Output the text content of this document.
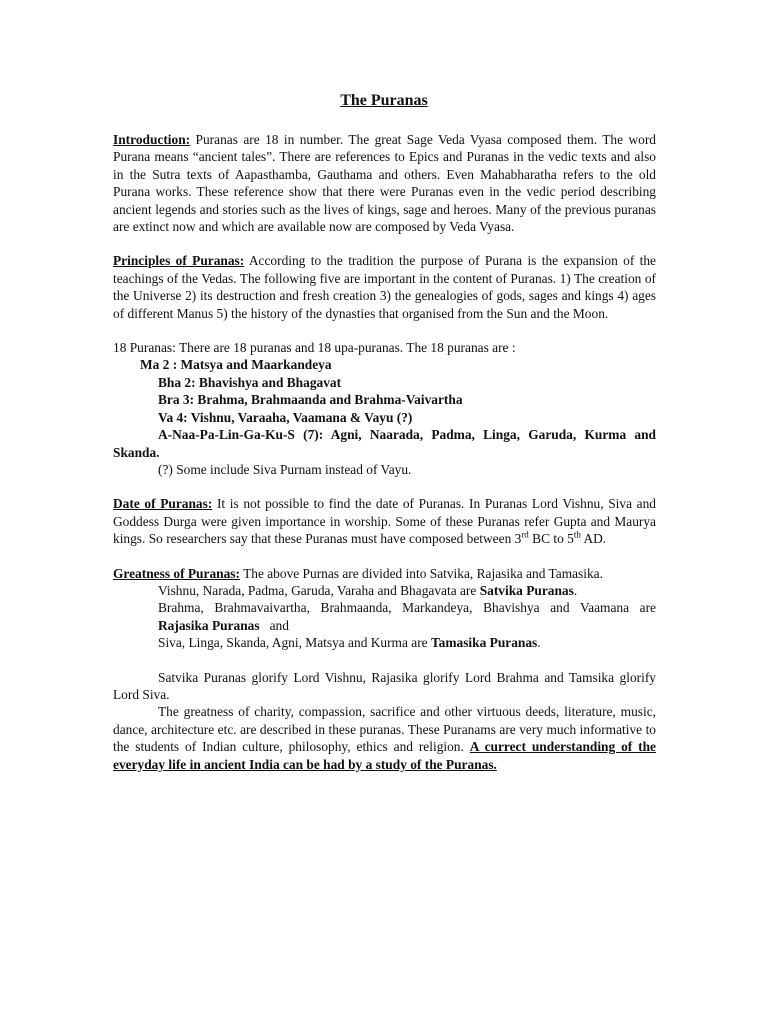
The Puranas

Introduction: Puranas are 18 in number. The great Sage Veda Vyasa composed them. The word Purana means “ancient tales”. There are references to Epics and Puranas in the vedic texts and also in the Sutra texts of Aapasthamba, Gauthama and others. Even Mahabharatha refers to the old Purana works. These reference show that there were Puranas even in the vedic period describing ancient legends and stories such as the lives of kings, sage and heroes. Many of the previous puranas are extinct now and which are available now are composed by Veda Vyasa.

Principles of Puranas: According to the tradition the purpose of Purana is the expansion of the teachings of the Vedas. The following five are important in the content of Puranas. 1) The creation of the Universe 2) its destruction and fresh creation 3) the genealogies of gods, sages and kings 4) ages of different Manus 5) the history of the dynasties that organised from the Sun and the Moon.

18 Puranas: There are 18 puranas and 18 upa-puranas. The 18 puranas are :

Ma 2 : Matsya and Maarkandeya

Bha 2: Bhavishya and Bhagavat

Bra 3: Brahma, Brahmaanda and Brahma-Vaivartha

Va 4: Vishnu, Varaaha, Vaamana & Vayu (?)

A-Naa-Pa-Lin-Ga-Ku-S (7): Agni, Naarada, Padma, Linga, Garuda, Kurma and Skanda.

(?) Some include Siva Purnam instead of Vayu.

Date of Puranas: It is not possible to find the date of Puranas. In Puranas Lord Vishnu, Siva and Goddess Durga were given importance in worship. Some of these Puranas refer Gupta and Maurya kings. So researchers say that these Puranas must have composed between 3rd BC to 5th AD.

Greatness of Puranas: The above Purnas are divided into Satvika, Rajasika and Tamasika.

Vishnu, Narada, Padma, Garuda, Varaha and Bhagavata are Satvika Puranas.

Brahma, Brahmavaivartha, Brahmaanda, Markandeya, Bhavishya and Vaamana are Rajasika Puranas   and

Siva, Linga, Skanda, Agni, Matsya and Kurma are Tamasika Puranas.

Satvika Puranas glorify Lord Vishnu, Rajasika glorify Lord Brahma and Tamsika glorify Lord Siva.

The greatness of charity, compassion, sacrifice and other virtuous deeds, literature, music, dance, architecture etc. are described in these puranas. These Puranams are very much informative to the students of Indian culture, philosophy, ethics and religion. A currect understanding of the everyday life in ancient India can be had by a study of the Puranas.
